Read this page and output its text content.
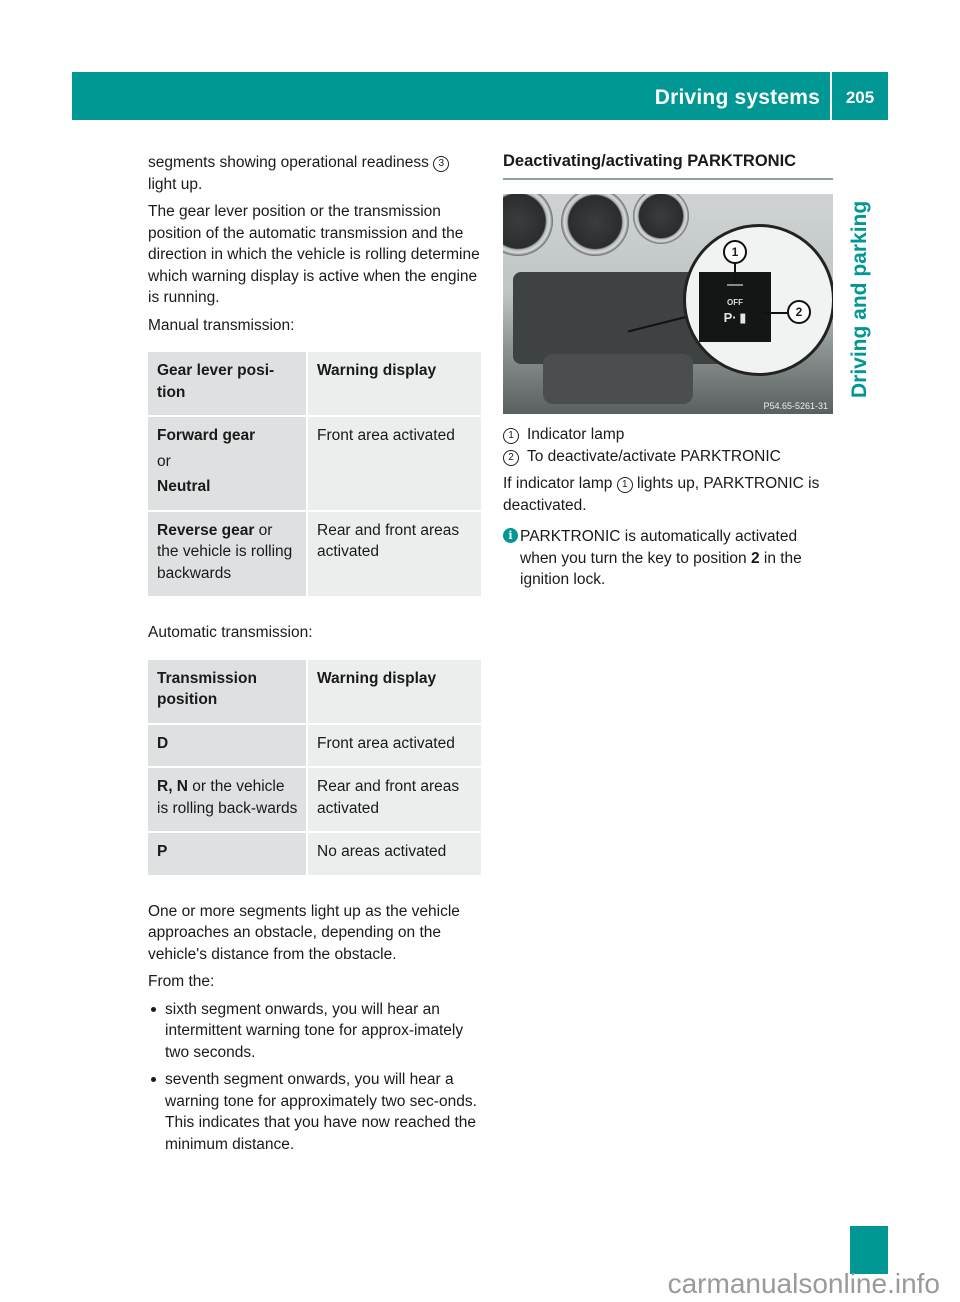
Driving systems	205
Driving and parking

segments showing operational readiness 3 light up.

The gear lever position or the transmission position of the automatic transmission and the direction in which the vehicle is rolling determine which warning display is active when the engine is running.

Manual transmission:

Gear lever posi-tion	Warning display
Forward gear
or
Neutral	Front area activated
Reverse gear or the vehicle is rolling backwards	Rear and front areas activated

Automatic transmission:

Transmission position	Warning display
D	Front area activated
R, N or the vehicle is rolling back-wards	Rear and front areas activated
P	No areas activated

One or more segments light up as the vehicle approaches an obstacle, depending on the vehicle's distance from the obstacle.

From the:

sixth segment onwards, you will hear an intermittent warning tone for approx-imately two seconds.
seventh segment onwards, you will hear a warning tone for approximately two sec-onds. This indicates that you have now reached the minimum distance.
Deactivating/activating PARKTRONIC
OFF
P· ▮
1
2
P54.65-5261-31
1 Indicator lamp
2 To deactivate/activate PARKTRONIC

If indicator lamp 1 lights up, PARKTRONIC is deactivated.

i PARKTRONIC is automatically activated when you turn the key to position 2 in the ignition lock.
carmanualsonline.info
